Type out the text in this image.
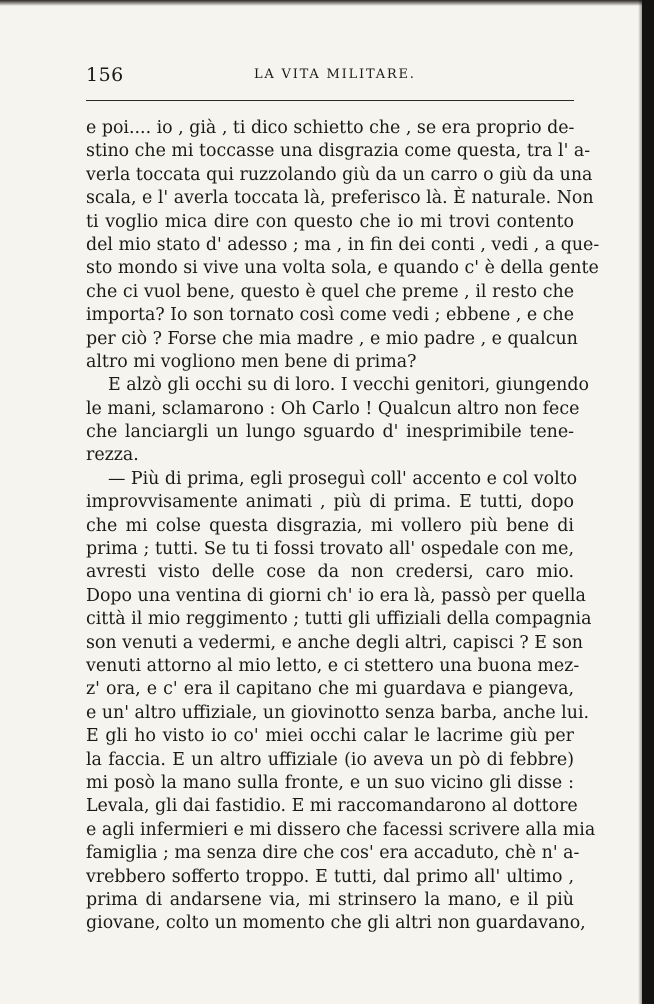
156	LA VITA MILITARE.
e poi.... io , già , ti dico schietto che , se era proprio de-
stino che mi toccasse una disgrazia come questa, tra l' a-
verla toccata qui ruzzolando giù da un carro o giù da una
scala, e l' averla toccata là, preferisco là. È naturale. Non
ti voglio mica dire con questo che io mi trovi contento
del mio stato d' adesso ; ma , in fin dei conti , vedi , a que-
sto mondo si vive una volta sola, e quando c' è della gente
che ci vuol bene, questo è quel che preme , il resto che
importa? Io son tornato così come vedi ; ebbene , e che
per ciò ? Forse che mia madre , e mio padre , e qualcun
altro mi vogliono men bene di prima?
E alzò gli occhi su di loro. I vecchi genitori, giungendo
le mani, sclamarono : Oh Carlo ! Qualcun altro non fece
che lanciargli un lungo sguardo d' inesprimibile tene-
rezza.
— Più di prima, egli proseguì coll' accento e col volto
improvvisamente animati , più di prima. E tutti, dopo
che mi colse questa disgrazia, mi vollero più bene di
prima ; tutti. Se tu ti fossi trovato all' ospedale con me,
avresti visto delle cose da non credersi, caro mio.
Dopo una ventina di giorni ch' io era là, passò per quella
città il mio reggimento ; tutti gli uffiziali della compagnia
son venuti a vedermi, e anche degli altri, capisci ? E son
venuti attorno al mio letto, e ci stettero una buona mez-
z' ora, e c' era il capitano che mi guardava e piangeva,
e un' altro uffiziale, un giovinotto senza barba, anche lui.
E gli ho visto io co' miei occhi calar le lacrime giù per
la faccia. E un altro uffiziale (io aveva un pò di febbre)
mi posò la mano sulla fronte, e un suo vicino gli disse :
Levala, gli dai fastidio. E mi raccomandarono al dottore
e agli infermieri e mi dissero che facessi scrivere alla mia
famiglia ; ma senza dire che cos' era accaduto, chè n' a-
vrebbero sofferto troppo. E tutti, dal primo all' ultimo ,
prima di andarsene via, mi strinsero la mano, e il più
giovane, colto un momento che gli altri non guardavano,
